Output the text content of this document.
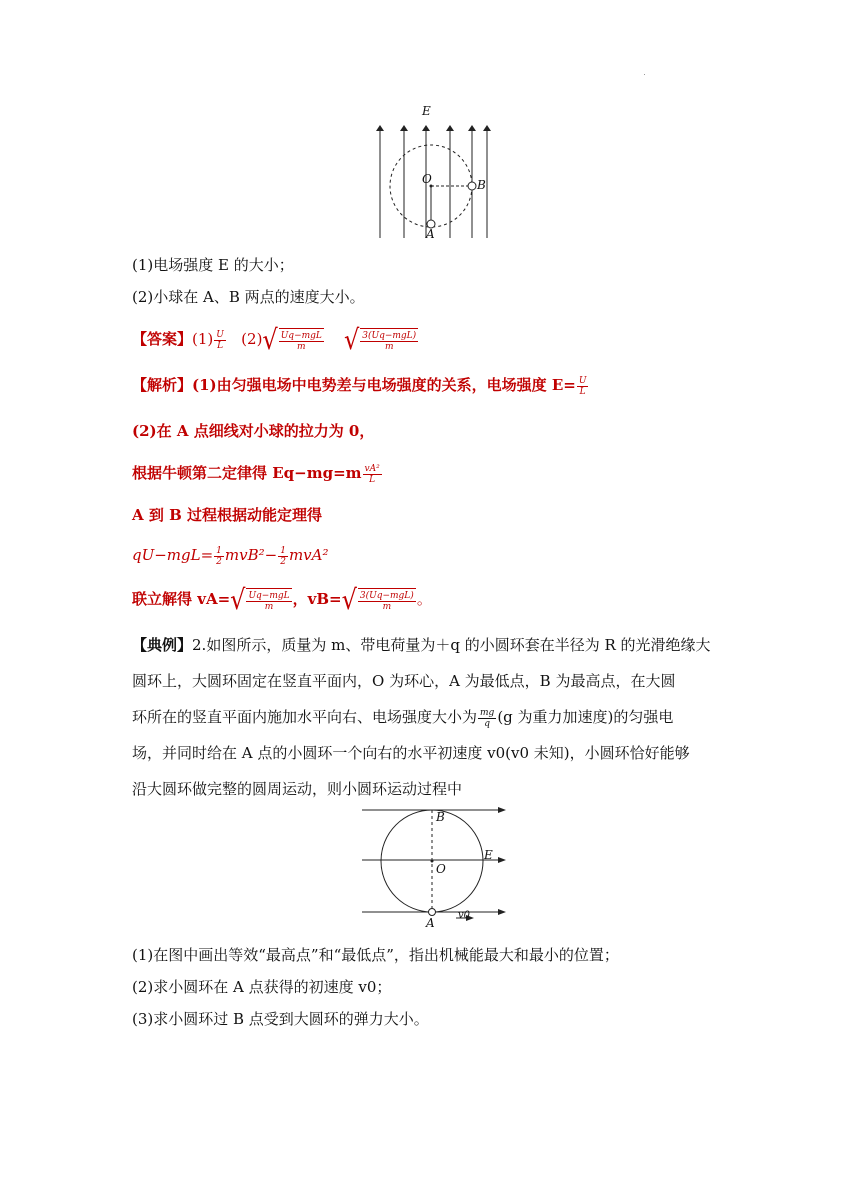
E
O	B
A
(1)电场强度 E 的大小；
(2)小球在 A、B 两点的速度大小。
【答案】$(1) \frac{U}{L} (2)$ √ $\frac{\text{Uq−mgL}}{m}$
√ $\frac{\text{3(Uq−mgL)}}{m}$
【解析】(1)由匀强电场中电势差与电场强度的关系，电场强度 $E= \frac{U}{L}$
(2)在 A 点细线对小球的拉力为 0，
根据牛顿第二定律得 $Eq-mg=m \frac{\text{vA²}}{L}$
A 到 B 过程根据动能定理得
$qU-mgL= \frac{1}{2} mvB^2- \frac{1}{2} mvA^2$
联立解得 vA= √ $\frac{\text{Uq−mgL}}{m}$ ，vB= √ $\frac{\text{3(Uq−mgL)}}{m}$ 。
【典例】2.如图所示，质量为 m、带电荷量为＋q 的小圆环套在半径为 R 的光滑绝缘大
圆环上，大圆环固定在竖直平面内，O 为环心，A 为最低点，B 为最高点，在大圆
环所在的竖直平面内施加水平向右、电场强度大小为 $\frac{mg}{q} (g$ 为重力加速度)的匀强电
场，并同时给在 A 点的小圆环一个向右的水平初速度 v0(v0 未知)，小圆环恰好能够
沿大圆环做完整的圆周运动，则小圆环运动过程中
B
O
E
A
v0
(1)在图中画出等效“最高点”和“最低点”，指出机械能最大和最小的位置；
(2)求小圆环在 A 点获得的初速度 v0；
(3)求小圆环过 B 点受到大圆环的弹力大小。
